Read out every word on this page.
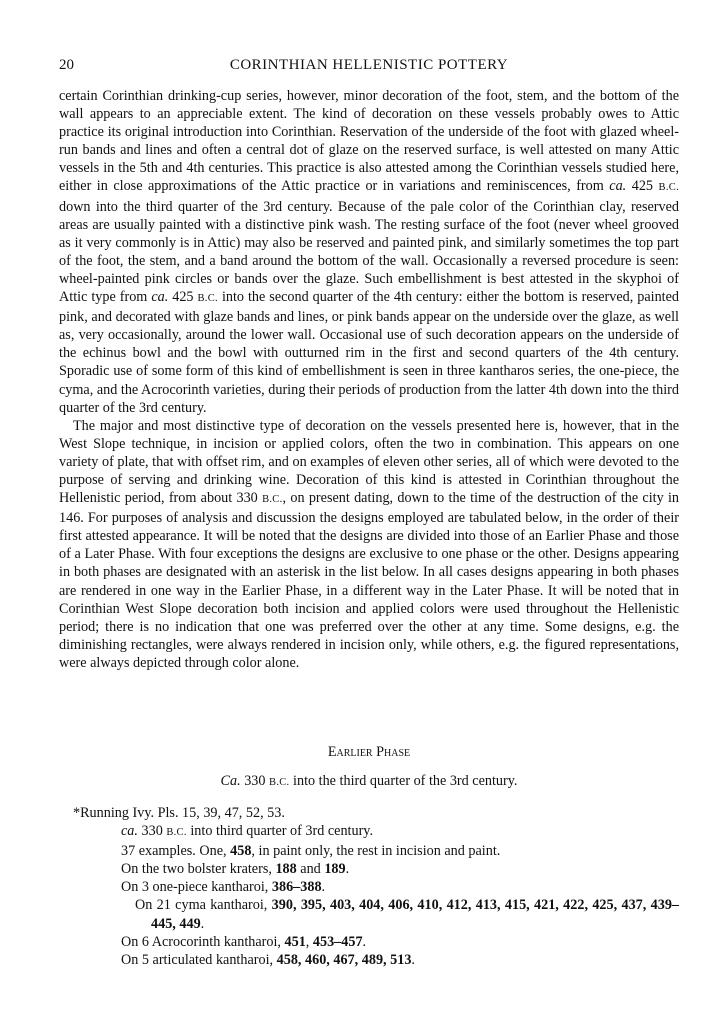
20	CORINTHIAN HELLENISTIC POTTERY

certain Corinthian drinking-cup series, however, minor decoration of the foot, stem, and the bottom of the wall appears to an appreciable extent. The kind of decoration on these vessels probably owes to Attic practice its original introduction into Corinthian. Reservation of the underside of the foot with glazed wheel-run bands and lines and often a central dot of glaze on the reserved surface, is well attested on many Attic vessels in the 5th and 4th centuries. This practice is also attested among the Corinthian vessels studied here, either in close approximations of the Attic practice or in variations and reminiscences, from ca. 425 B.C. down into the third quarter of the 3rd century. Because of the pale color of the Corinthian clay, reserved areas are usually painted with a distinctive pink wash. The resting surface of the foot (never wheel grooved as it very commonly is in Attic) may also be reserved and painted pink, and similarly sometimes the top part of the foot, the stem, and a band around the bottom of the wall. Occasionally a reversed procedure is seen: wheel-painted pink circles or bands over the glaze. Such embellishment is best attested in the skyphoi of Attic type from ca. 425 B.C. into the second quarter of the 4th century: either the bottom is reserved, painted pink, and decorated with glaze bands and lines, or pink bands appear on the underside over the glaze, as well as, very occasionally, around the lower wall. Occasional use of such decoration appears on the underside of the echinus bowl and the bowl with outturned rim in the first and second quarters of the 4th century. Sporadic use of some form of this kind of embellishment is seen in three kantharos series, the one-piece, the cyma, and the Acrocorinth varieties, during their periods of production from the latter 4th down into the third quarter of the 3rd century.

The major and most distinctive type of decoration on the vessels presented here is, however, that in the West Slope technique, in incision or applied colors, often the two in combination. This appears on one variety of plate, that with offset rim, and on examples of eleven other series, all of which were devoted to the purpose of serving and drinking wine. Decoration of this kind is attested in Corinthian throughout the Hellenistic period, from about 330 B.C., on present dating, down to the time of the destruction of the city in 146. For purposes of analysis and discussion the designs employed are tabulated below, in the order of their first attested appearance. It will be noted that the designs are divided into those of an Earlier Phase and those of a Later Phase. With four exceptions the designs are exclusive to one phase or the other. Designs appearing in both phases are designated with an asterisk in the list below. In all cases designs appearing in both phases are rendered in one way in the Earlier Phase, in a different way in the Later Phase. It will be noted that in Corinthian West Slope decoration both incision and applied colors were used throughout the Hellenistic period; there is no indication that one was preferred over the other at any time. Some designs, e.g. the diminishing rectangles, were always rendered in incision only, while others, e.g. the figured representations, were always depicted through color alone.

Earlier Phase
Ca. 330 B.C. into the third quarter of the 3rd century.
*Running Ivy. Pls. 15, 39, 47, 52, 53.
ca. 330 B.C. into third quarter of 3rd century.
37 examples. One, 458, in paint only, the rest in incision and paint.
On the two bolster kraters, 188 and 189.
On 3 one-piece kantharoi, 386–388.
On 21 cyma kantharoi, 390, 395, 403, 404, 406, 410, 412, 413, 415, 421, 422, 425, 437, 439–445, 449.
On 6 Acrocorinth kantharoi, 451, 453–457.
On 5 articulated kantharoi, 458, 460, 467, 489, 513.
